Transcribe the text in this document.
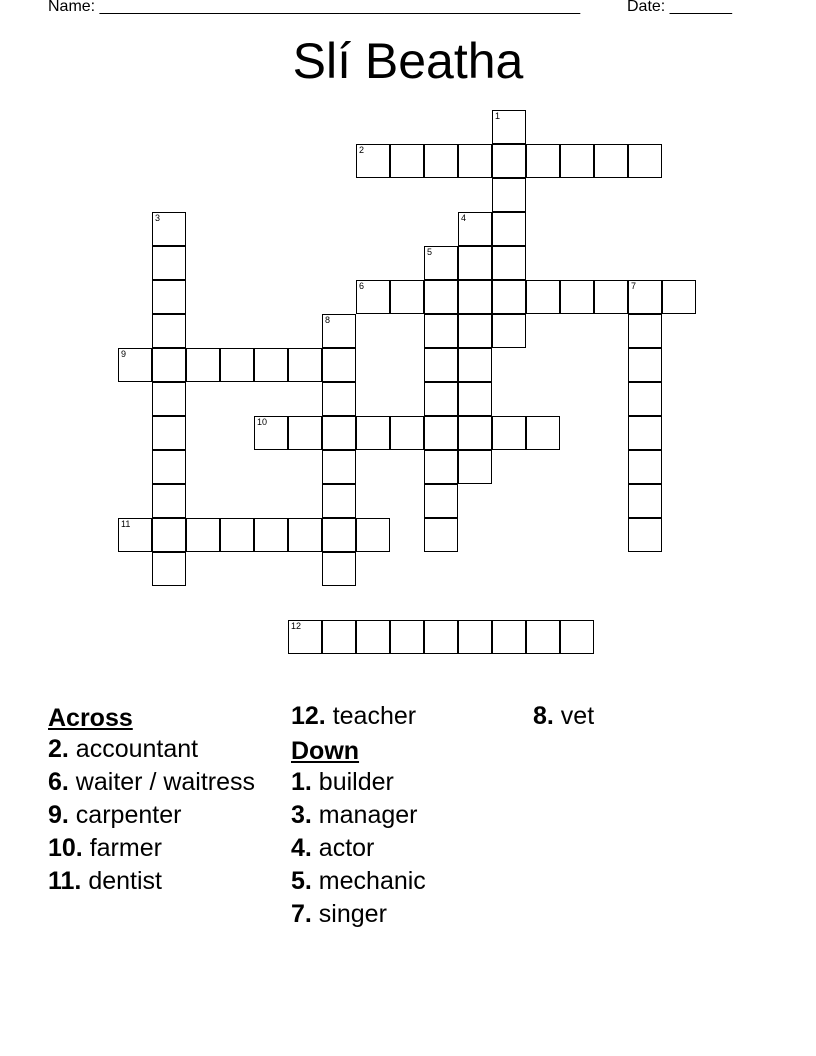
Name: ______________________________________________________	Date: _______
Slí Beatha
1
2
3	4
5
6	7
8
9
10
11
12
Across
2. accountant
6. waiter / waitress
9. carpenter
10. farmer
11. dentist
12. teacher
Down
1. builder
3. manager
4. actor
5. mechanic
7. singer
8. vet
